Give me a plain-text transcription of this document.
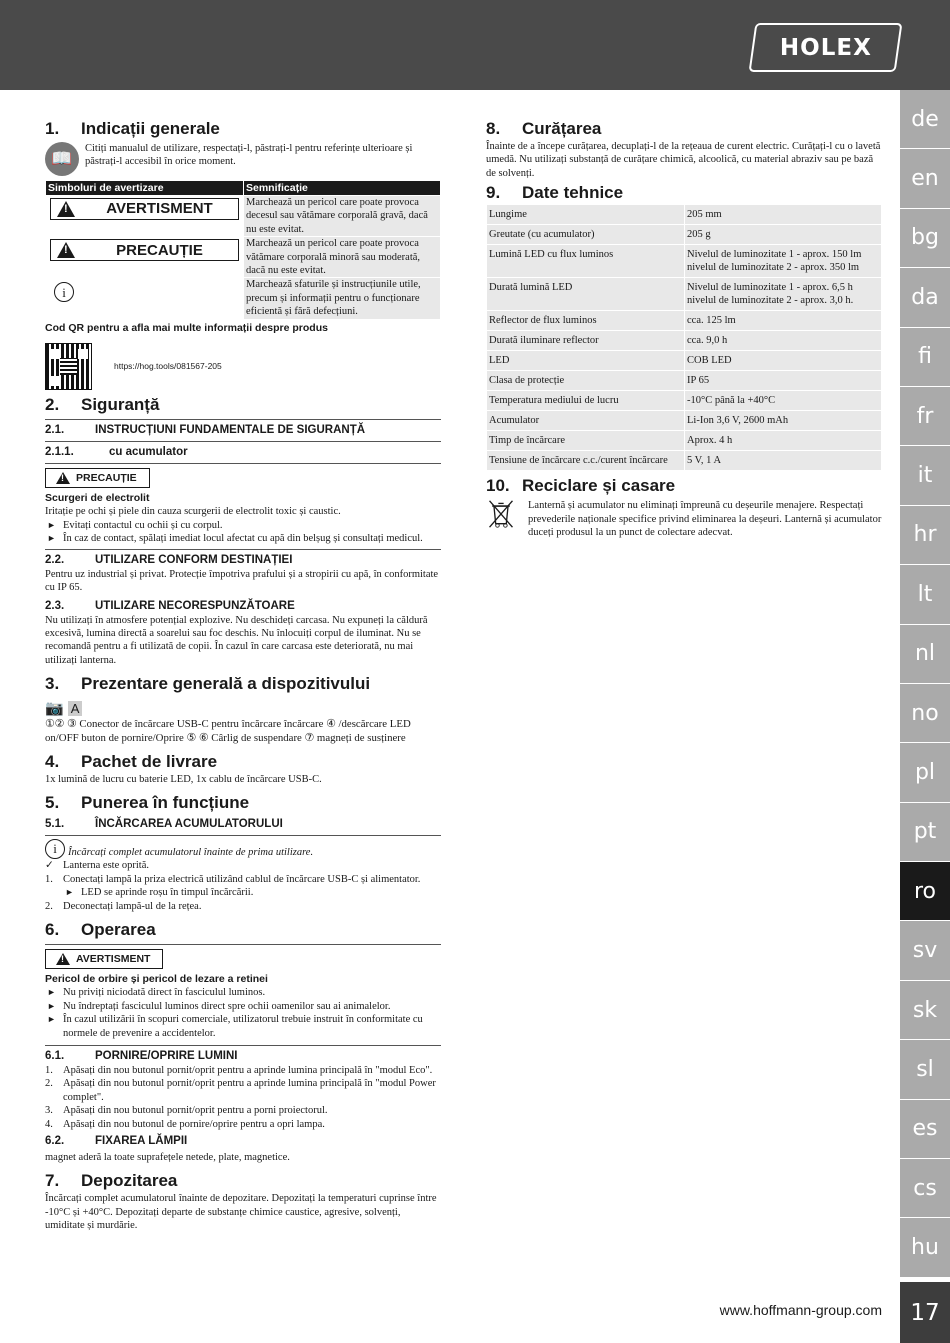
HOLEX
de
en
bg
da
fi
fr
it
hr
lt
nl
no
pl
pt
ro
sv
sk
sl
es
cs
hu
17
www.hoffmann-group.com
1.	Indicații generale
📖

Citiți manualul de utilizare, respectați-l, păstrați-l pentru referințe ulterioare și păstrați-l accesibil în orice moment.

Simboluri de avertizare	Semnificație

!
AVERTISMENT	Marchează un pericol care poate provoca decesul sau vătămare corporală gravă, dacă nu este evitat.

!
PRECAUȚIE	Marchează un pericol care poate provoca vătămare corporală minoră sau moderată, dacă nu este evitat.
i	Marchează sfaturile și instrucțiunile utile, precum și informații pentru o funcționare eficientă și fără defecțiuni.

Cod QR pentru a afla mai multe informații despre produs

https://hog.tools/081567-205

2.	Siguranță
2.1.	INSTRUCȚIUNI FUNDAMENTALE DE SIGURANȚĂ
2.1.1.	cu acumulator
!
PRECAUȚIE

Scurgeri de electrolit

Iritație pe ochi și piele din cauza scurgerii de electrolit toxic și caustic.

► Evitați contactul cu ochii și cu corpul.
► În caz de contact, spălați imediat locul afectat cu apă din belșug și consultați medicul.
2.2.	UTILIZARE CONFORM DESTINAȚIEI

Pentru uz industrial și privat. Protecție împotriva prafului și a stropirii cu apă, în conformitate cu IP 65.

2.3.	UTILIZARE NECORESPUNZĂTOARE

Nu utilizați în atmosfere potențial explozive. Nu deschideți carcasa. Nu expuneți la căldură excesivă, lumina directă a soarelui sau foc deschis. Nu înlocuiți corpul de iluminat. Nu se recomandă pentru a fi utilizată de copii. În cazul în care carcasa este deteriorată, nu mai utilizați lanterna.

3.	Prezentare generală a dispozitivului
📷 A

①② ③ Conector de încărcare USB-C pentru încărcare încărcare ④ /descărcare LED on/OFF buton de pornire/Oprire ⑤ ⑥ Cârlig de suspendare ⑦ magneți de susținere

4.	Pachet de livrare

1x lumină de lucru cu baterie LED, 1x cablu de încărcare USB-C.

5.	Punerea în funcțiune
5.1.	ÎNCĂRCAREA ACUMULATORULUI
i	Încărcați complet acumulatorul înainte de prima utilizare.

✓ Lanterna este oprită.
1. Conectați lampă la priza electrică utilizând cablul de încărcare USB-C și alimentator.
► LED se aprinde roșu în timpul încărcării.
2. Deconectați lampă-ul de la rețea.
6.	Operarea
!
AVERTISMENT

Pericol de orbire și pericol de lezare a retinei

► Nu priviți niciodată direct în fasciculul luminos.
► Nu îndreptați fasciculul luminos direct spre ochii oamenilor sau ai animalelor.
► În cazul utilizării în scopuri comerciale, utilizatorul trebuie instruit în conformitate cu normele de prevenire a accidentelor.
6.1.	PORNIRE/OPRIRE LUMINI
1. Apăsați din nou butonul pornit/oprit pentru a aprinde lumina principală în "modul Eco".
2. Apăsați din nou butonul pornit/oprit pentru a aprinde lumina principală în "modul Power complet".
3. Apăsați din nou butonul pornit/oprit pentru a porni proiectorul.
4. Apăsați din nou butonul de pornire/oprire pentru a opri lampa.
6.2.	FIXAREA LĂMPII

magnet aderă la toate suprafețele netede, plate, magnetice.

7.	Depozitarea

Încărcați complet acumulatorul înainte de depozitare. Depozitați la temperaturi cuprinse între -10°C și +40°C. Depozitați departe de substanțe chimice caustice, agresive, solvenți, umiditate și murdărie.

8.	Curățarea

Înainte de a începe curățarea, decuplați-l de la rețeaua de curent electric. Curățați-l cu o lavetă umedă. Nu utilizați substanță de curățare chimică, alcoolică, cu material abraziv sau pe bază de solvenți.

9.	Date tehnice
Lungime	205 mm
Greutate (cu acumulator)	205 g
Lumină LED cu flux luminos	Nivelul de luminozitate 1 - aprox. 150 lm
nivelul de luminozitate 2 - aprox. 350 lm
Durată lumină LED	Nivelul de luminozitate 1 - aprox. 6,5 h
nivelul de luminozitate 2 - aprox. 3,0 h.
Reflector de flux luminos	cca. 125 lm
Durată iluminare reflector	cca. 9,0 h
LED	COB LED
Clasa de protecție	IP 65
Temperatura mediului de lucru	-10°C până la +40°C
Acumulator	Li-Ion 3,6 V, 2600 mAh
Timp de încărcare	Aprox. 4 h
Tensiune de încărcare c.c./curent încărcare	5 V, 1 A
10. Reciclare și casare

Lanternă și acumulator nu eliminați împreună cu deșeurile menajere. Respectați prevederile naționale specifice privind eliminarea la deșeuri. Lanternă și acumulator duceți produsul la un punct de colectare adecvat.
